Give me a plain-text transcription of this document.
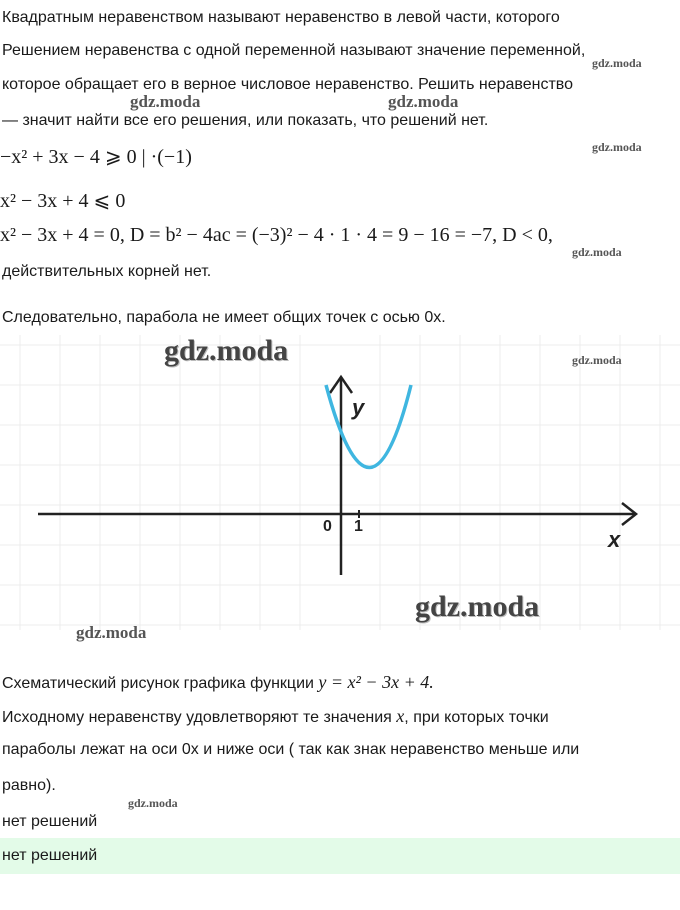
Квадратным неравенством называют неравенство в левой части, которого
Решением неравенства с одной переменной называют значение переменной,
которое обращает его в верное числовое неравенство. Решить неравенство
— значит найти все его решения, или показать, что решений нет.
−x² + 3x − 4 ⩾ 0 | ·(−1)
x² − 3x + 4 ⩽ 0
x² − 3x + 4 = 0, D = b² − 4ac = (−3)² − 4 · 1 · 4 = 9 − 16 = −7, D < 0,
действительных корней нет.
Следовательно, парабола не имеет общих точек с осью 0x.
y
x
0 1
Схематический рисунок графика функции y = x² − 3x + 4.
Исходному неравенству удовлетворяют те значения x, при которых точки
параболы лежат на оси 0x и ниже оси ( так как знак неравенство меньше или
равно).
нет решений
нет решений
gdz.moda
gdz.moda	gdz.moda
gdz.moda
gdz.moda
gdz.moda	gdz.moda
gdz.moda
gdz.moda
gdz.moda
